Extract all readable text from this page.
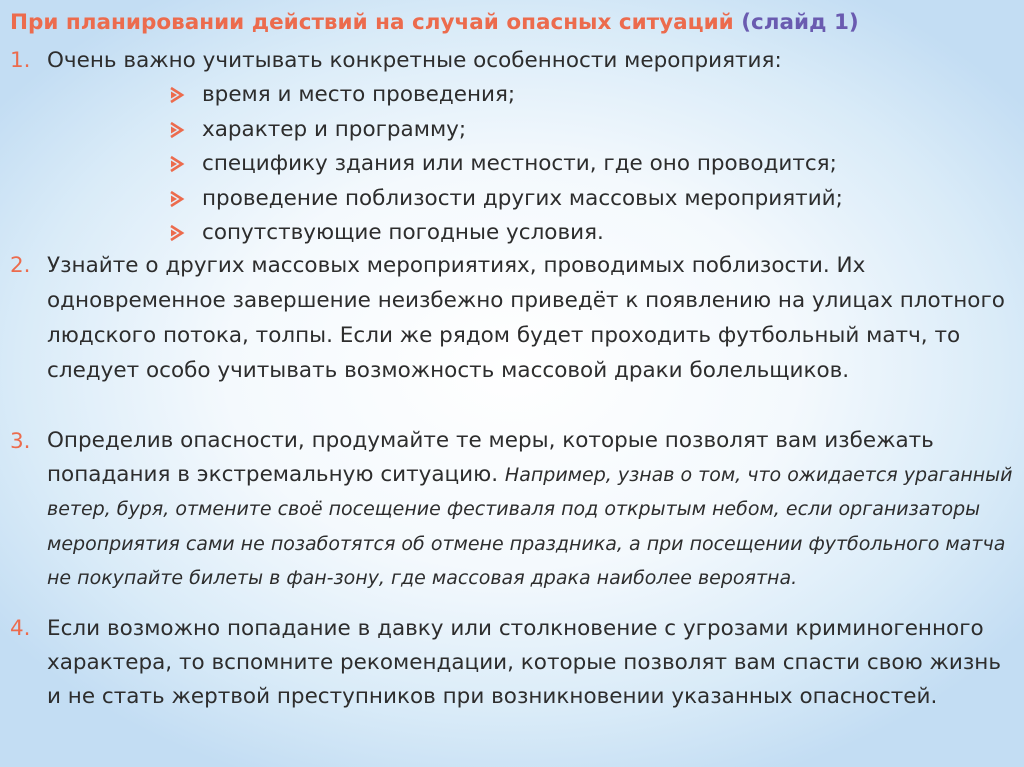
При планировании действий на случай опасных ситуаций (слайд 1)
1. Очень важно учитывать конкретные особенности мероприятия:

время и место проведения;
характер и программу;
специфику здания или местности, где оно проводится;
проведение поблизости других массовых мероприятий;
сопутствующие погодные условия.
2. Узнайте о других массовых мероприятиях, проводимых поблизости. Их одновременное завершение неизбежно приведёт к появлению на улицах плотного людского потока, толпы. Если же рядом будет проходить футбольный матч, то следует особо учитывать возможность массовой драки болельщиков.

3. Определив опасности, продумайте те меры, которые позволят вам избежать попадания в экстремальную ситуацию. Например, узнав о том, что ожидается ураганный ветер, буря, отмените своё посещение фестиваля под открытым небом, если организаторы мероприятия сами не позаботятся об отмене праздника, а при посещении футбольного матча не покупайте билеты в фан-зону, где массовая драка наиболее вероятна.

4. Если возможно попадание в давку или столкновение с угрозами криминогенного характера, то вспомните рекомендации, которые позволят вам спасти свою жизнь и не стать жертвой преступников при возникновении указанных опасностей.
